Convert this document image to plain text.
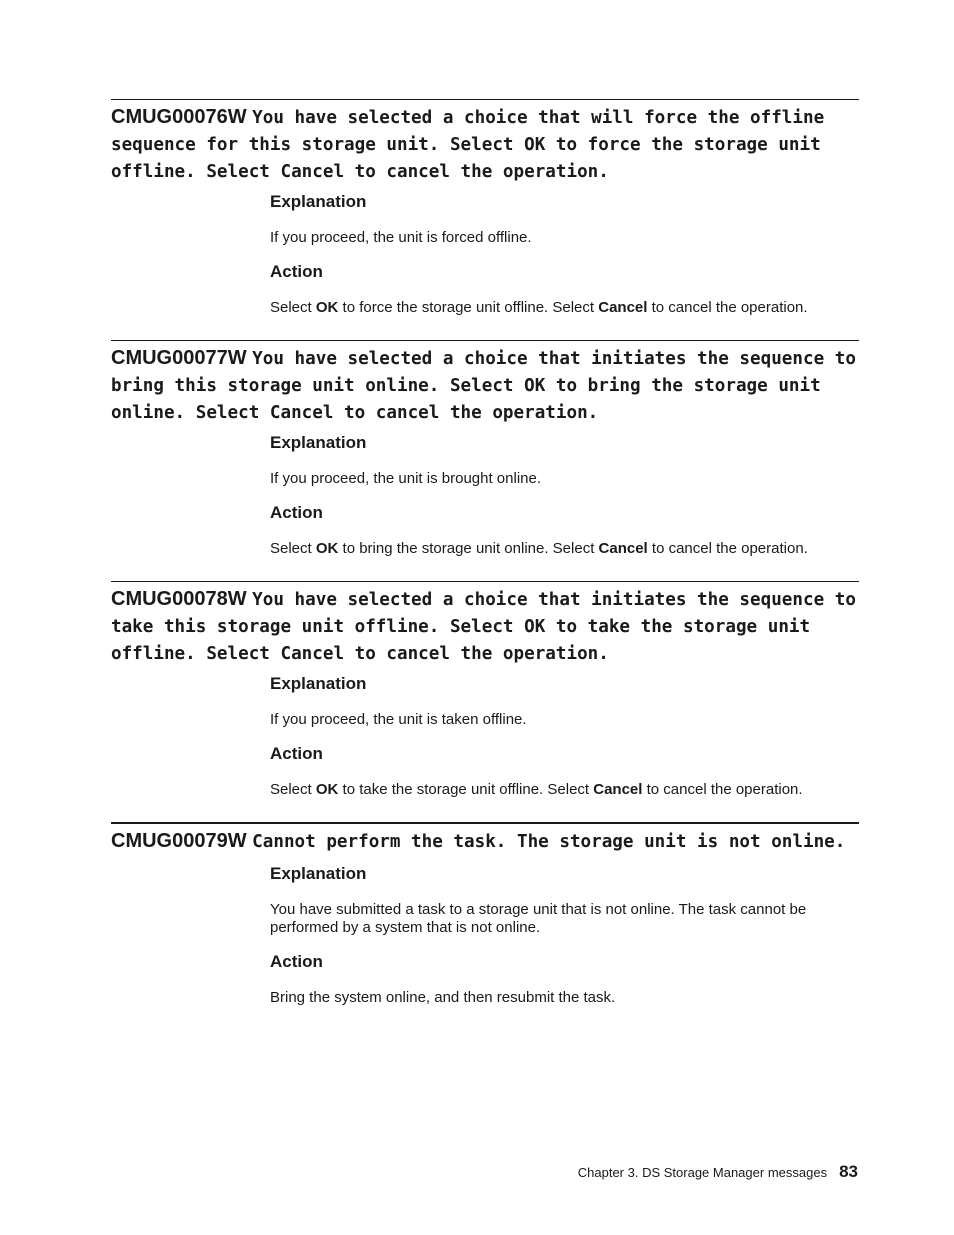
CMUG00076W You have selected a choice that will force the offline sequence for this storage unit. Select OK to force the storage unit offline. Select Cancel to cancel the operation.

Explanation

If you proceed, the unit is forced offline.

Action

Select OK to force the storage unit offline. Select Cancel to cancel the operation.

CMUG00077W You have selected a choice that initiates the sequence to bring this storage unit online. Select OK to bring the storage unit online. Select Cancel to cancel the operation.

Explanation

If you proceed, the unit is brought online.

Action

Select OK to bring the storage unit online. Select Cancel to cancel the operation.

CMUG00078W You have selected a choice that initiates the sequence to take this storage unit offline. Select OK to take the storage unit offline. Select Cancel to cancel the operation.

Explanation

If you proceed, the unit is taken offline.

Action

Select OK to take the storage unit offline. Select Cancel to cancel the operation.

CMUG00079W Cannot perform the task. The storage unit is not online.

Explanation

You have submitted a task to a storage unit that is not online. The task cannot be performed by a system that is not online.

Action

Bring the system online, and then resubmit the task.

Chapter 3. DS Storage Manager messages 83
